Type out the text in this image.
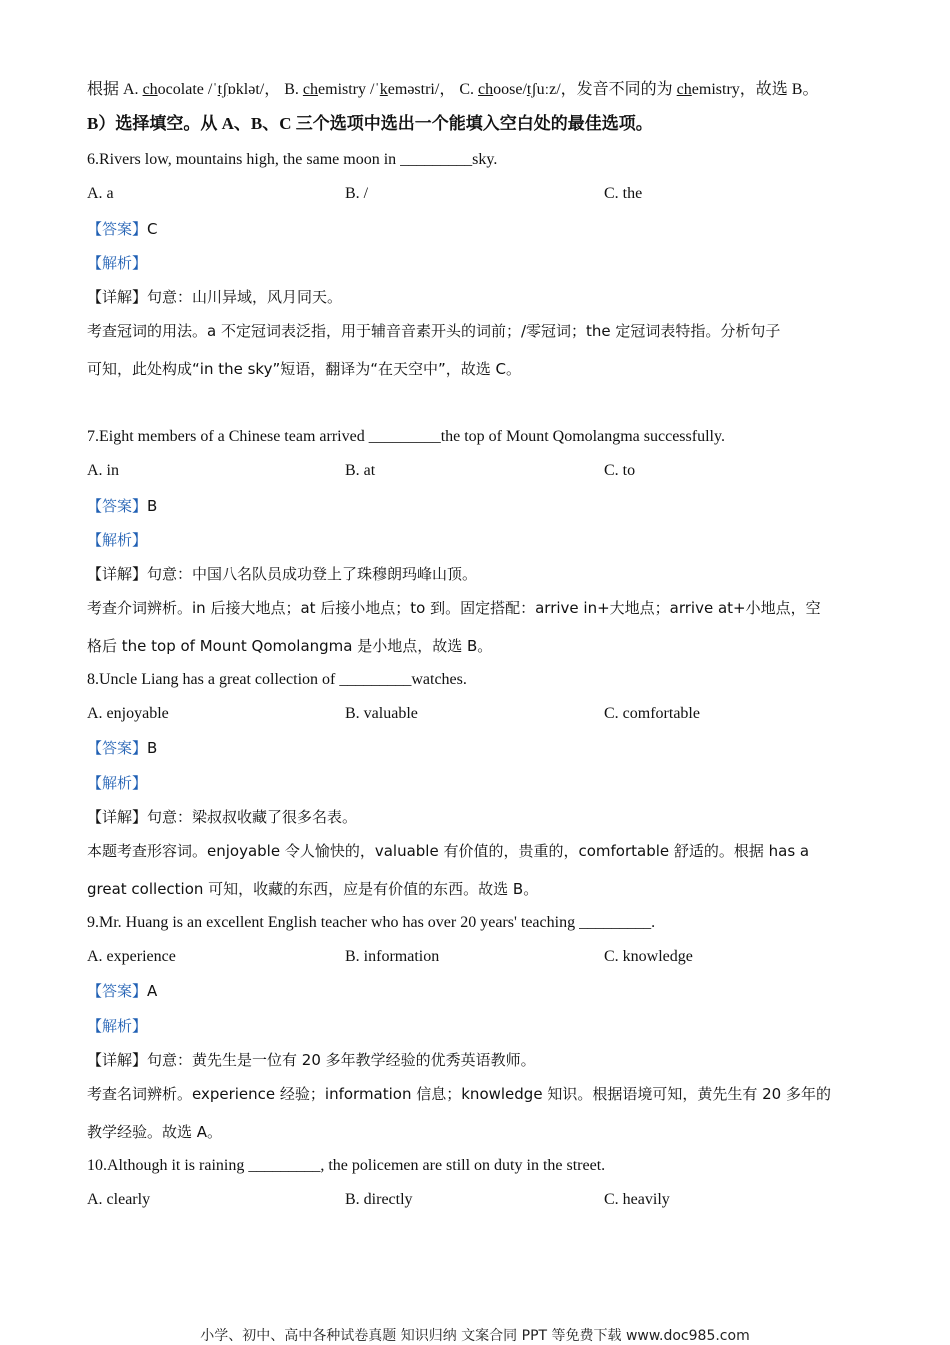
根据 A. chocolate /ˈtʃɒklət/， B. chemistry /ˈkeməstri/， C. choose/tʃuːz/，发音不同的为 chemistry，故选 B。
B）选择填空。从 A、B、C 三个选项中选出一个能填入空白处的最佳选项。
6.Rivers low, mountains high, the same moon in _________sky.
A. a	B. /	C. the
【答案】C
【解析】
【详解】句意：山川异域，风月同天。
考查冠词的用法。a 不定冠词表泛指，用于辅音音素开头的词前；/零冠词；the 定冠词表特指。分析句子
可知，此处构成“in the sky”短语，翻译为“在天空中”，故选 C。
7.Eight members of a Chinese team arrived _________the top of Mount Qomolangma successfully.
A. in	B. at	C. to
【答案】B
【解析】
【详解】句意：中国八名队员成功登上了珠穆朗玛峰山顶。
考查介词辨析。in 后接大地点；at 后接小地点；to 到。固定搭配：arrive in+大地点；arrive at+小地点，空
格后 the top of Mount Qomolangma 是小地点，故选 B。
8.Uncle Liang has a great collection of _________watches.
A. enjoyable	B. valuable	C. comfortable
【答案】B
【解析】
【详解】句意：梁叔叔收藏了很多名表。
本题考查形容词。enjoyable 令人愉快的，valuable 有价值的，贵重的，comfortable 舒适的。根据 has a
great collection 可知，收藏的东西，应是有价值的东西。故选 B。
9.Mr. Huang is an excellent English teacher who has over 20 years' teaching _________.
A. experience	B. information	C. knowledge
【答案】A
【解析】
【详解】句意：黄先生是一位有 20 多年教学经验的优秀英语教师。
考查名词辨析。experience 经验；information 信息；knowledge 知识。根据语境可知，黄先生有 20 多年的
教学经验。故选 A。
10.Although it is raining _________, the policemen are still on duty in the street.
A. clearly	B. directly	C. heavily
小学、初中、高中各种试卷真题 知识归纳 文案合同 PPT 等免费下载 www.doc985.com
